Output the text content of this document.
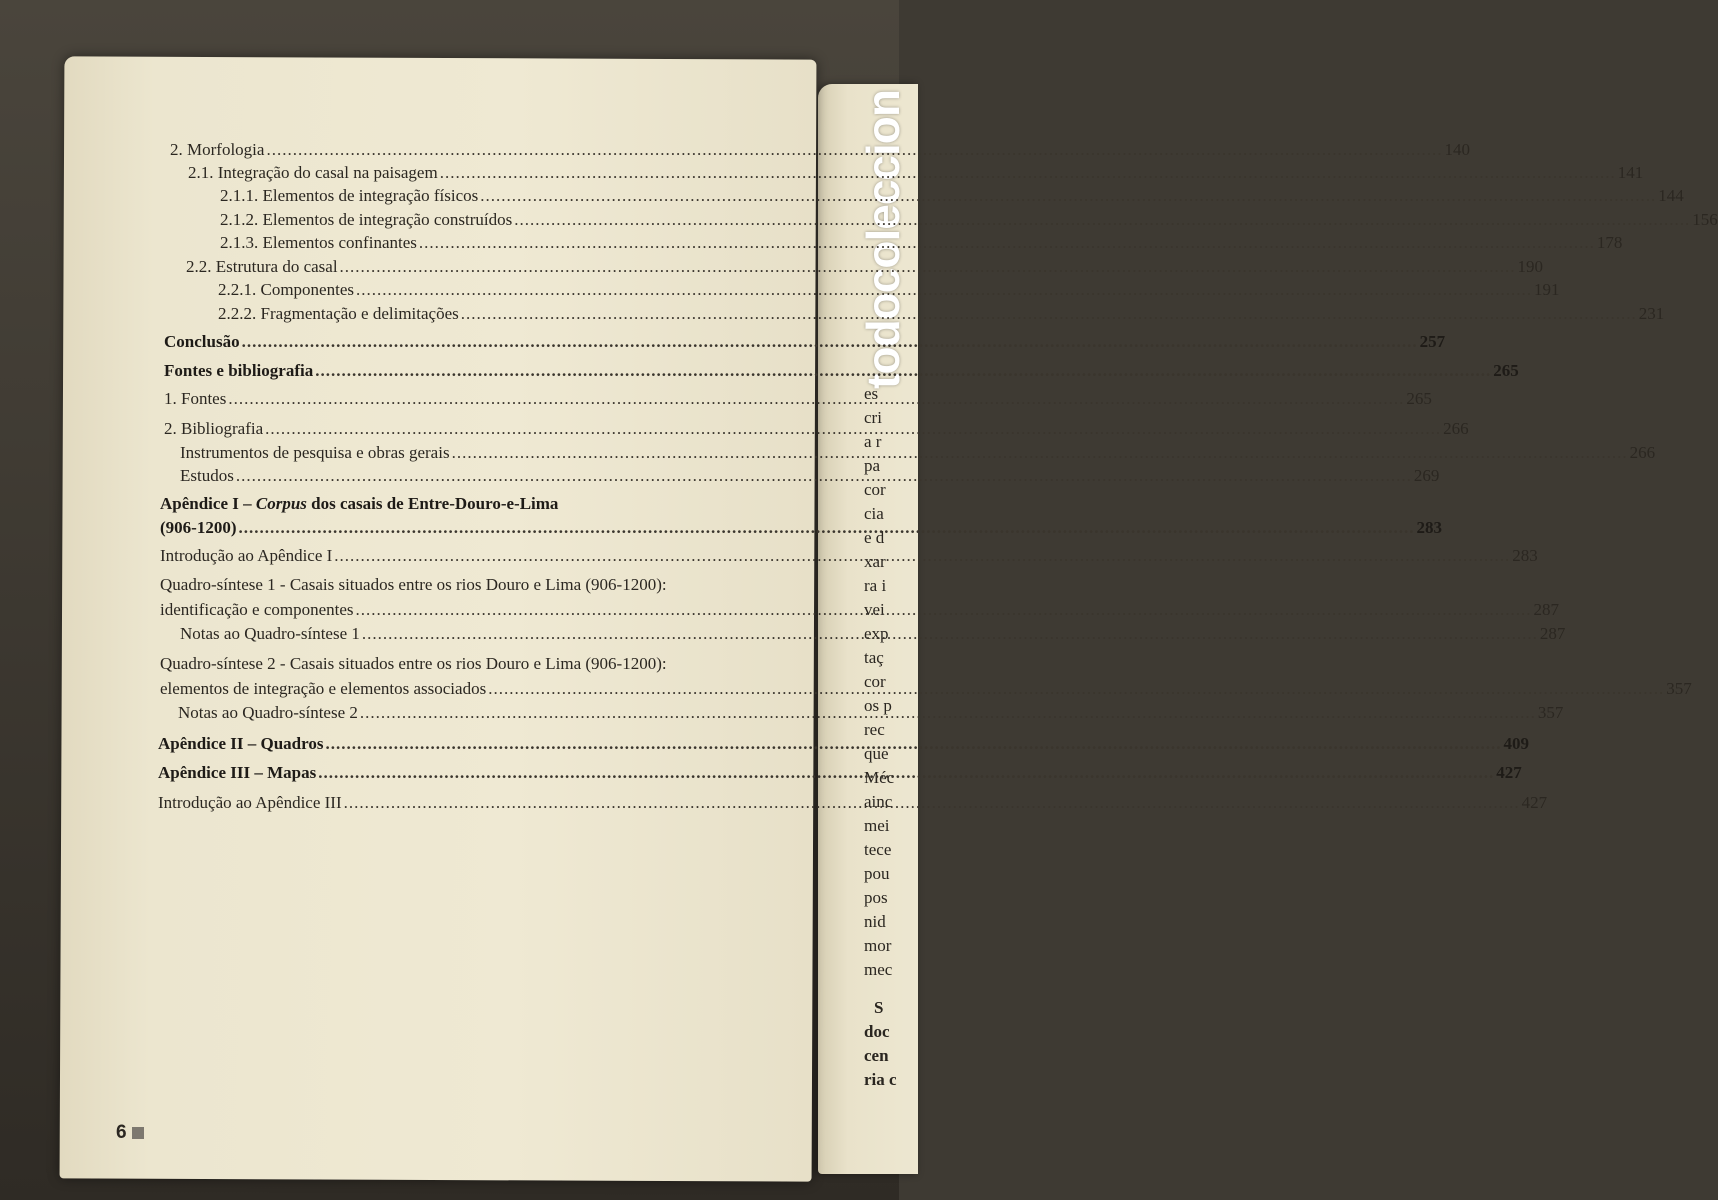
todocoleccion
es
cri
a r
pa
cor
cia
e d
xar
ra i
vei
exp
taç
cor
os p
rec
que
Méc
ainc
mei
tece
pou
pos
nid
mor
mec
S
doc
cen
ria c
2. Morfologia .....	140
2.1. Integração do casal na paisagem .....	141
2.1.1. Elementos de integração físicos .....	144
2.1.2. Elementos de integração construídos .....	156
2.1.3. Elementos confinantes .....	178
2.2. Estrutura do casal .....	190
2.2.1. Componentes .....	191
2.2.2. Fragmentação e delimitações .....	231
Conclusão .....	257
Fontes e bibliografia .....	265
1. Fontes .....	265
2. Bibliografia .....	266
Instrumentos de pesquisa e obras gerais .....	266
Estudos .....	269
Apêndice I – Corpus dos casais de Entre-Douro-e-Lima
(906-1200) .....	283
Introdução ao Apêndice I .....	283
Quadro-síntese 1 - Casais situados entre os rios Douro e Lima (906-1200):
identificação e componentes .....	287
Notas ao Quadro-síntese 1 .....	287
Quadro-síntese 2 - Casais situados entre os rios Douro e Lima (906-1200):
elementos de integração e elementos associados .....	357
Notas ao Quadro-síntese 2 .....	357
Apêndice II – Quadros .....	409
Apêndice III – Mapas .....	427
Introdução ao Apêndice III .....	427
6
